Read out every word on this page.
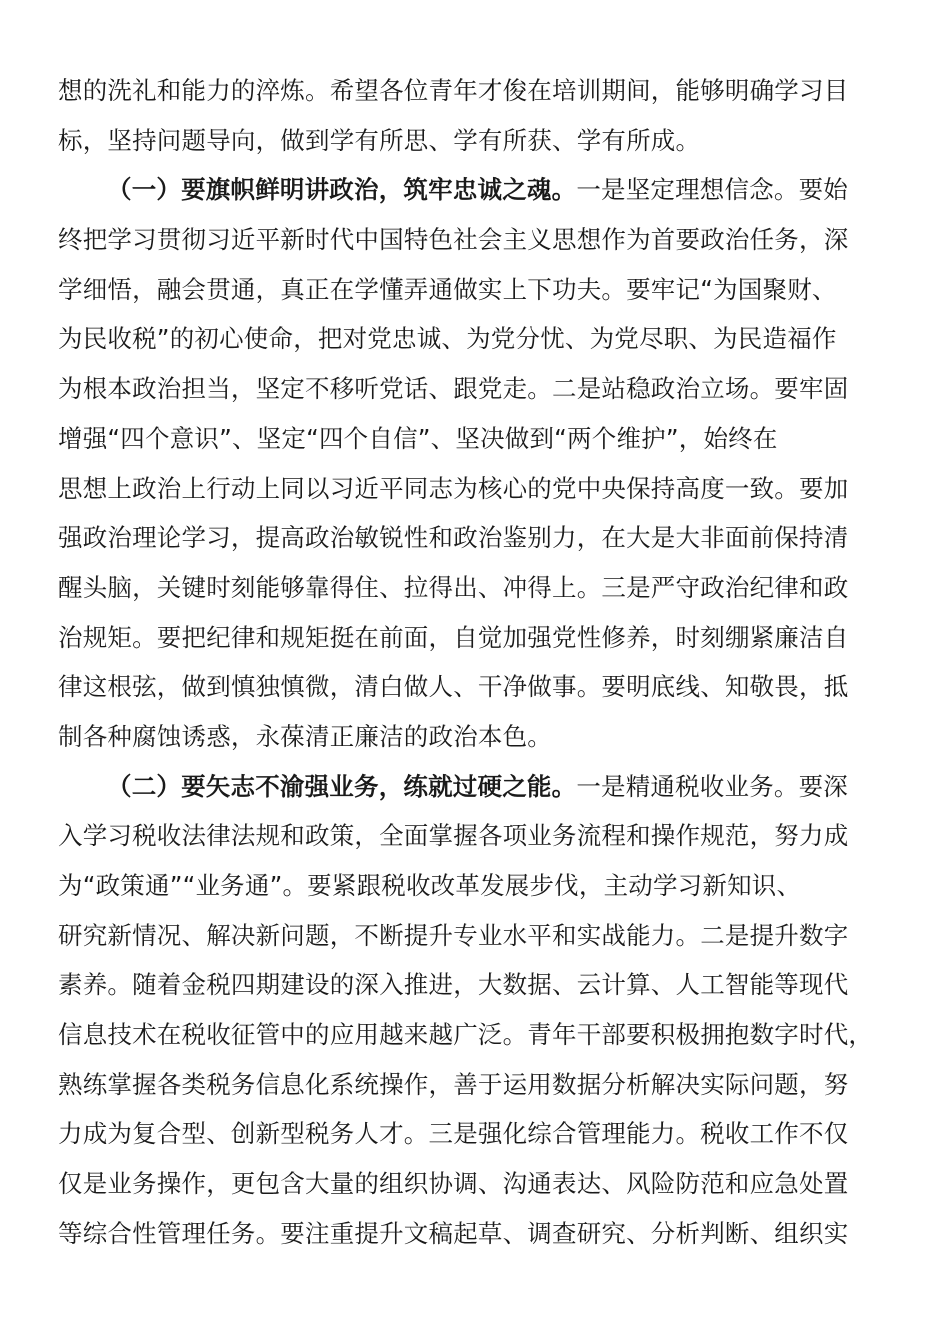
想的洗礼和能力的淬炼。希望各位青年才俊在培训期间，能够明确学习目
标，坚持问题导向，做到学有所思、学有所获、学有所成。
（一）要旗帜鲜明讲政治，筑牢忠诚之魂。一是坚定理想信念。要始
终把学习贯彻习近平新时代中国特色社会主义思想作为首要政治任务，深
学细悟，融会贯通，真正在学懂弄通做实上下功夫。要牢记“为国聚财、
为民收税”的初心使命，把对党忠诚、为党分忧、为党尽职、为民造福作
为根本政治担当，坚定不移听党话、跟党走。二是站稳政治立场。要牢固
增强“四个意识”、坚定“四个自信”、坚决做到“两个维护”，始终在
思想上政治上行动上同以习近平同志为核心的党中央保持高度一致。要加
强政治理论学习，提高政治敏锐性和政治鉴别力，在大是大非面前保持清
醒头脑，关键时刻能够靠得住、拉得出、冲得上。三是严守政治纪律和政
治规矩。要把纪律和规矩挺在前面，自觉加强党性修养，时刻绷紧廉洁自
律这根弦，做到慎独慎微，清白做人、干净做事。要明底线、知敬畏，抵
制各种腐蚀诱惑，永葆清正廉洁的政治本色。
（二）要矢志不渝强业务，练就过硬之能。一是精通税收业务。要深
入学习税收法律法规和政策，全面掌握各项业务流程和操作规范，努力成
为“政策通”“业务通”。要紧跟税收改革发展步伐，主动学习新知识、
研究新情况、解决新问题，不断提升专业水平和实战能力。二是提升数字
素养。随着金税四期建设的深入推进，大数据、云计算、人工智能等现代
信息技术在税收征管中的应用越来越广泛。青年干部要积极拥抱数字时代，
熟练掌握各类税务信息化系统操作，善于运用数据分析解决实际问题，努
力成为复合型、创新型税务人才。三是强化综合管理能力。税收工作不仅
仅是业务操作，更包含大量的组织协调、沟通表达、风险防范和应急处置
等综合性管理任务。要注重提升文稿起草、调查研究、分析判断、组织实
